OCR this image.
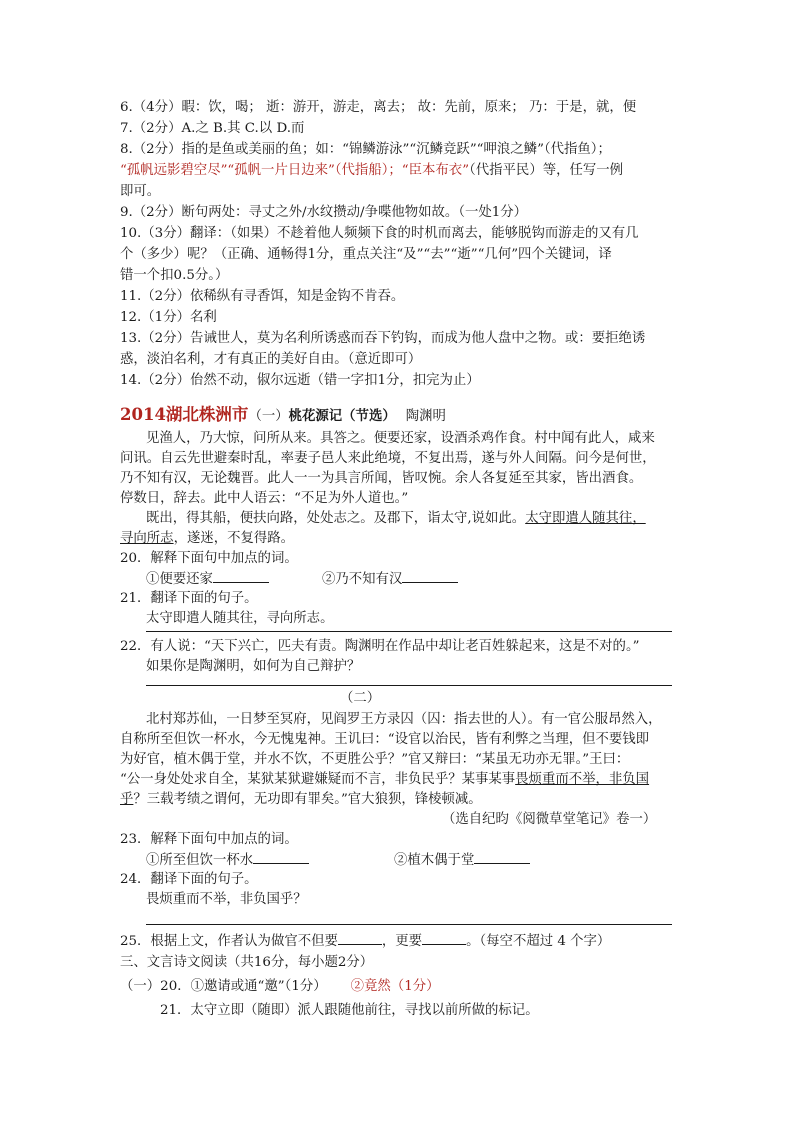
6.（4分）暇：饮，喝； 逝：游开，游走，离去； 故：先前，原来； 乃：于是，就，便
7.（2分）A.之 B.其 C.以 D.而
8.（2分）指的是鱼或美丽的鱼；如：“锦鳞游泳”“沉鳞竞跃”“呷浪之鳞”（代指鱼）；
“孤帆远影碧空尽”“孤帆一片日边来”（代指船）；“臣本布衣”（代指平民）等，任写一例
即可。
9.（2分）断句两处：寻丈之外/水纹攒动/争喋他物如故。（一处1分）
10.（3分）翻译：（如果）不趁着他人频频下食的时机而离去，能够脱钩而游走的又有几
个（多少）呢？（正确、通畅得1分，重点关注“及”“去”“逝”“几何”四个关键词，译
错一个扣0.5分。）
11.（2分）依稀纵有寻香饵，知是金钩不肯吞。
12.（1分）名利
13.（2分）告诫世人，莫为名利所诱惑而吞下钓钩，而成为他人盘中之物。或：要拒绝诱
惑，淡泊名利，才有真正的美好自由。（意近即可）
14.（2分）佁然不动，俶尔远逝（错一字扣1分，扣完为止）
2014湖北株洲市（一）桃花源记（节选） 陶渊明
见渔人，乃大惊，问所从来。具答之。便要还家，设酒杀鸡作食。村中闻有此人，咸来
问讯。自云先世避秦时乱，率妻子邑人来此绝境，不复出焉，遂与外人间隔。问今是何世，
乃不知有汉，无论魏晋。此人一一为具言所闻，皆叹惋。余人各复延至其家，皆出酒食。
停数日，辞去。此中人语云：“不足为外人道也。”
既出，得其船，便扶向路，处处志之。及郡下，诣太守,说如此。太守即遣人随其往，
寻向所志，遂迷，不复得路。
20．解释下面句中加点的词。
①便要还家	②乃不知有汉
21．翻译下面的句子。
太守即遣人随其往，寻向所志。
22．有人说：“天下兴亡，匹夫有责。陶渊明在作品中却让老百姓躲起来，这是不对的。”
如果你是陶渊明，如何为自己辩护？
（二）
北村郑苏仙，一日梦至冥府，见阎罗王方录囚（囚：指去世的人）。有一官公服昂然入，
自称所至但饮一杯水，今无愧鬼神。王讥曰：“设官以治民，皆有利弊之当理，但不要钱即
为好官，植木偶于堂，并水不饮，不更胜公乎？”官又辩曰：“某虽无功亦无罪。”王曰：
“公一身处处求自全，某狱某狱避嫌疑而不言，非负民乎？某事某事畏烦重而不举，非负国
乎？三载考绩之谓何，无功即有罪矣。”官大狼狈，锋棱顿减。
（选自纪昀《阅微草堂笔记》卷一）
23．解释下面句中加点的词。
①所至但饮一杯水	②植木偶于堂
24．翻译下面的句子。
畏烦重而不举，非负国乎？
25．根据上文，作者认为做官不但要	，更要	。（每空不超过 4 个字）
三、文言诗文阅读（共16分，每小题2分）
（一）20．①邀请或通“邀”（1分） ②竟然（1分）
21．太守立即（随即）派人跟随他前往，寻找以前所做的标记。
